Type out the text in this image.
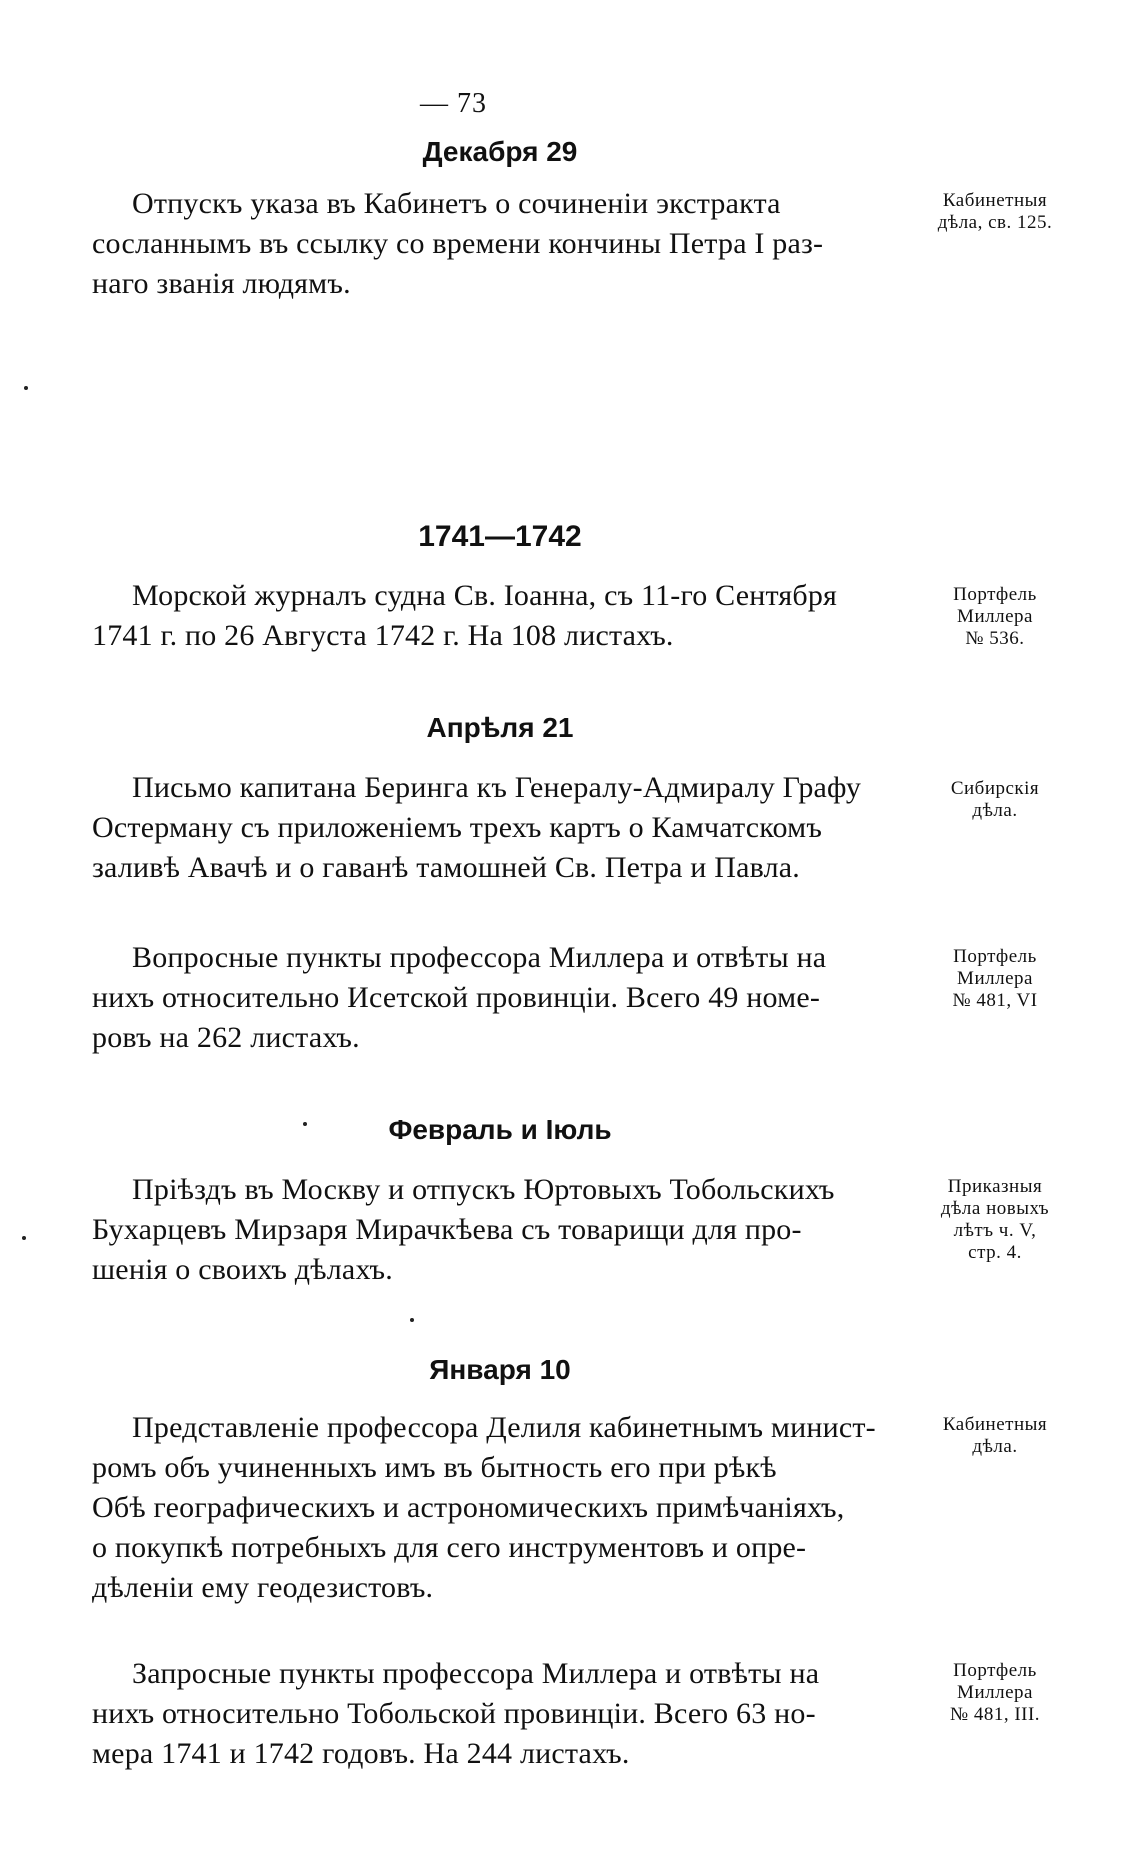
— 73
Декабря 29
Отпускъ указа въ Кабинетъ о сочиненіи экстракта
сосланнымъ въ ссылку со времени кончины Петра I раз-
наго званія людямъ.
Кабинетныя
дѣла, св. 125.
1741—1742
Морской журналъ судна Св. Іоанна, съ 11-го Сентября
1741 г. по 26 Августа 1742 г. На 108 листахъ.
Портфель
Миллера
№ 536.
Апрѣля 21
Письмо капитана Беринга къ Генералу-Адмиралу Графу
Остерману съ приложеніемъ трехъ картъ о Камчатскомъ
заливѣ Авачѣ и о гаванѣ тамошней Св. Петра и Павла.
Сибирскія
дѣла.
Вопросные пункты профессора Миллера и отвѣты на
нихъ относительно Исетской провинціи. Всего 49 номе-
ровъ на 262 листахъ.
Портфель
Миллера
№ 481, VI
Февраль и Іюль
Пріѣздъ въ Москву и отпускъ Юртовыхъ Тобольскихъ
Бухарцевъ Мирзаря Мирачкѣева съ товарищи для про-
шенія о своихъ дѣлахъ.
Приказныя
дѣла новыхъ
лѣтъ ч. V,
стр. 4.
Января 10
Представленіе профессора Делиля кабинетнымъ минист-
ромъ объ учиненныхъ имъ въ бытность его при рѣкѣ
Обѣ географическихъ и астрономическихъ примѣчаніяхъ,
о покупкѣ потребныхъ для сего инструментовъ и опре-
дѣленіи ему геодезистовъ.
Кабинетныя
дѣла.
Запросные пункты профессора Миллера и отвѣты на
нихъ относительно Тобольской провинціи. Всего 63 но-
мера 1741 и 1742 годовъ. На 244 листахъ.
Портфель
Миллера
№ 481, III.
